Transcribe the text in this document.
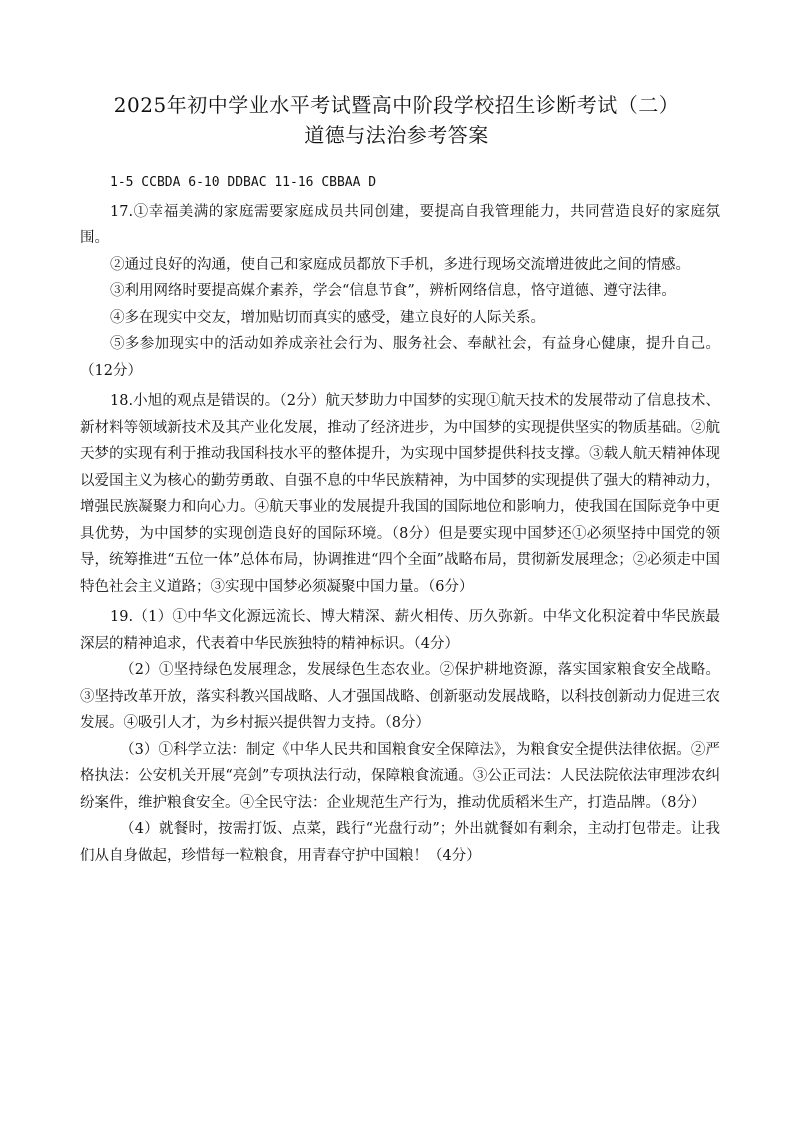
2025年初中学业水平考试暨高中阶段学校招生诊断考试（二）
道德与法治参考答案

1-5 CCBDA 6-10 DDBAC 11-16 CBBAA D

17.①幸福美满的家庭需要家庭成员共同创建，要提高自我管理能力，共同营造良好的家庭氛围。

②通过良好的沟通，使自己和家庭成员都放下手机，多进行现场交流增进彼此之间的情感。

③利用网络时要提高媒介素养，学会“信息节食”，辨析网络信息，恪守道德、遵守法律。

④多在现实中交友，增加贴切而真实的感受，建立良好的人际关系。

⑤多参加现实中的活动如养成亲社会行为、服务社会、奉献社会，有益身心健康，提升自己。（12分）

18.小旭的观点是错误的。（2分）航天梦助力中国梦的实现①航天技术的发展带动了信息技术、新材料等领域新技术及其产业化发展，推动了经济进步，为中国梦的实现提供坚实的物质基础。②航天梦的实现有利于推动我国科技水平的整体提升，为实现中国梦提供科技支撑。③载人航天精神体现以爱国主义为核心的勤劳勇敢、自强不息的中华民族精神，为中国梦的实现提供了强大的精神动力，增强民族凝聚力和向心力。④航天事业的发展提升我国的国际地位和影响力，使我国在国际竞争中更具优势，为中国梦的实现创造良好的国际环境。（8分）但是要实现中国梦还①必须坚持中国党的领导，统筹推进“五位一体”总体布局，协调推进“四个全面”战略布局，贯彻新发展理念；②必须走中国特色社会主义道路；③实现中国梦必须凝聚中国力量。（6分）

19.（1）①中华文化源远流长、博大精深、薪火相传、历久弥新。中华文化积淀着中华民族最深层的精神追求，代表着中华民族独特的精神标识。（4分）

（2）①坚持绿色发展理念，发展绿色生态农业。②保护耕地资源，落实国家粮食安全战略。③坚持改革开放，落实科教兴国战略、人才强国战略、创新驱动发展战略，以科技创新动力促进三农发展。④吸引人才，为乡村振兴提供智力支持。（8分）

（3）①科学立法：制定《中华人民共和国粮食安全保障法》，为粮食安全提供法律依据。②严格执法：公安机关开展“亮剑”专项执法行动，保障粮食流通。③公正司法：人民法院依法审理涉农纠纷案件，维护粮食安全。④全民守法：企业规范生产行为，推动优质稻米生产，打造品牌。（8分）

（4）就餐时，按需打饭、点菜，践行“光盘行动”；外出就餐如有剩余，主动打包带走。让我们从自身做起，珍惜每一粒粮食，用青春守护中国粮！（4分）
